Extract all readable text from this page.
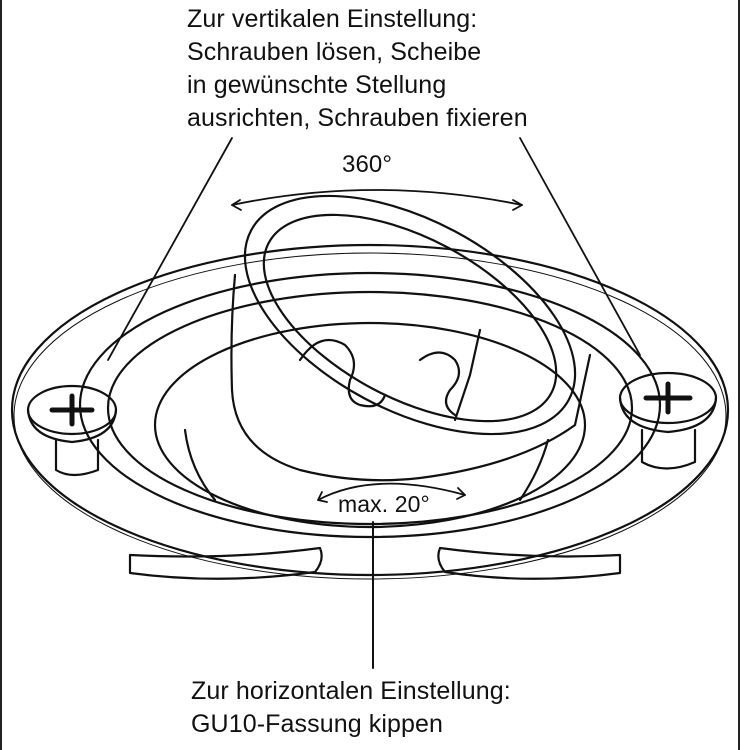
Zur vertikalen Einstellung:
Schrauben lösen, Scheibe
in gewünschte Stellung
ausrichten, Schrauben fixieren
360°
max. 20°
Zur horizontalen Einstellung:
GU10-Fassung kippen
